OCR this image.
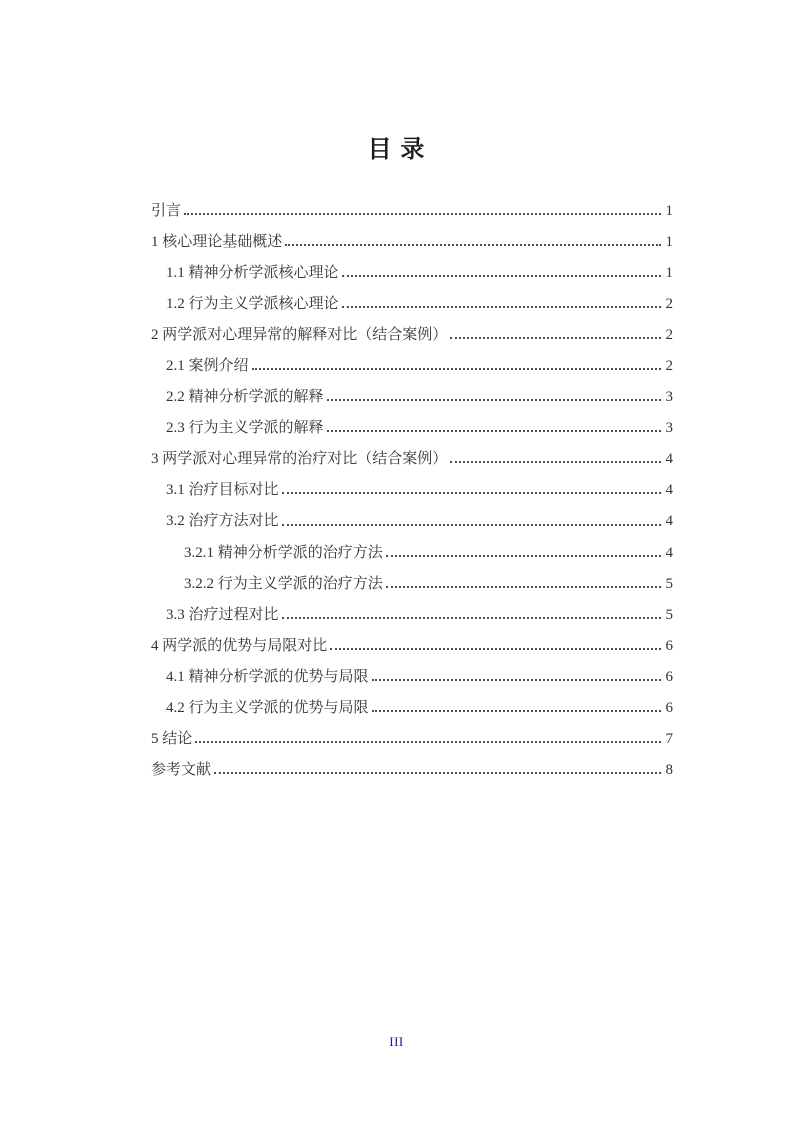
目 录
引言	1
1 核心理论基础概述	1
1.1 精神分析学派核心理论	1
1.2 行为主义学派核心理论	2
2 两学派对心理异常的解释对比（结合案例）	2
2.1 案例介绍	2
2.2 精神分析学派的解释	3
2.3 行为主义学派的解释	3
3 两学派对心理异常的治疗对比（结合案例）	4
3.1 治疗目标对比	4
3.2 治疗方法对比	4
3.2.1 精神分析学派的治疗方法	4
3.2.2 行为主义学派的治疗方法	5
3.3 治疗过程对比	5
4 两学派的优势与局限对比	6
4.1 精神分析学派的优势与局限	6
4.2 行为主义学派的优势与局限	6
5 结论	7
参考文献	8
III
